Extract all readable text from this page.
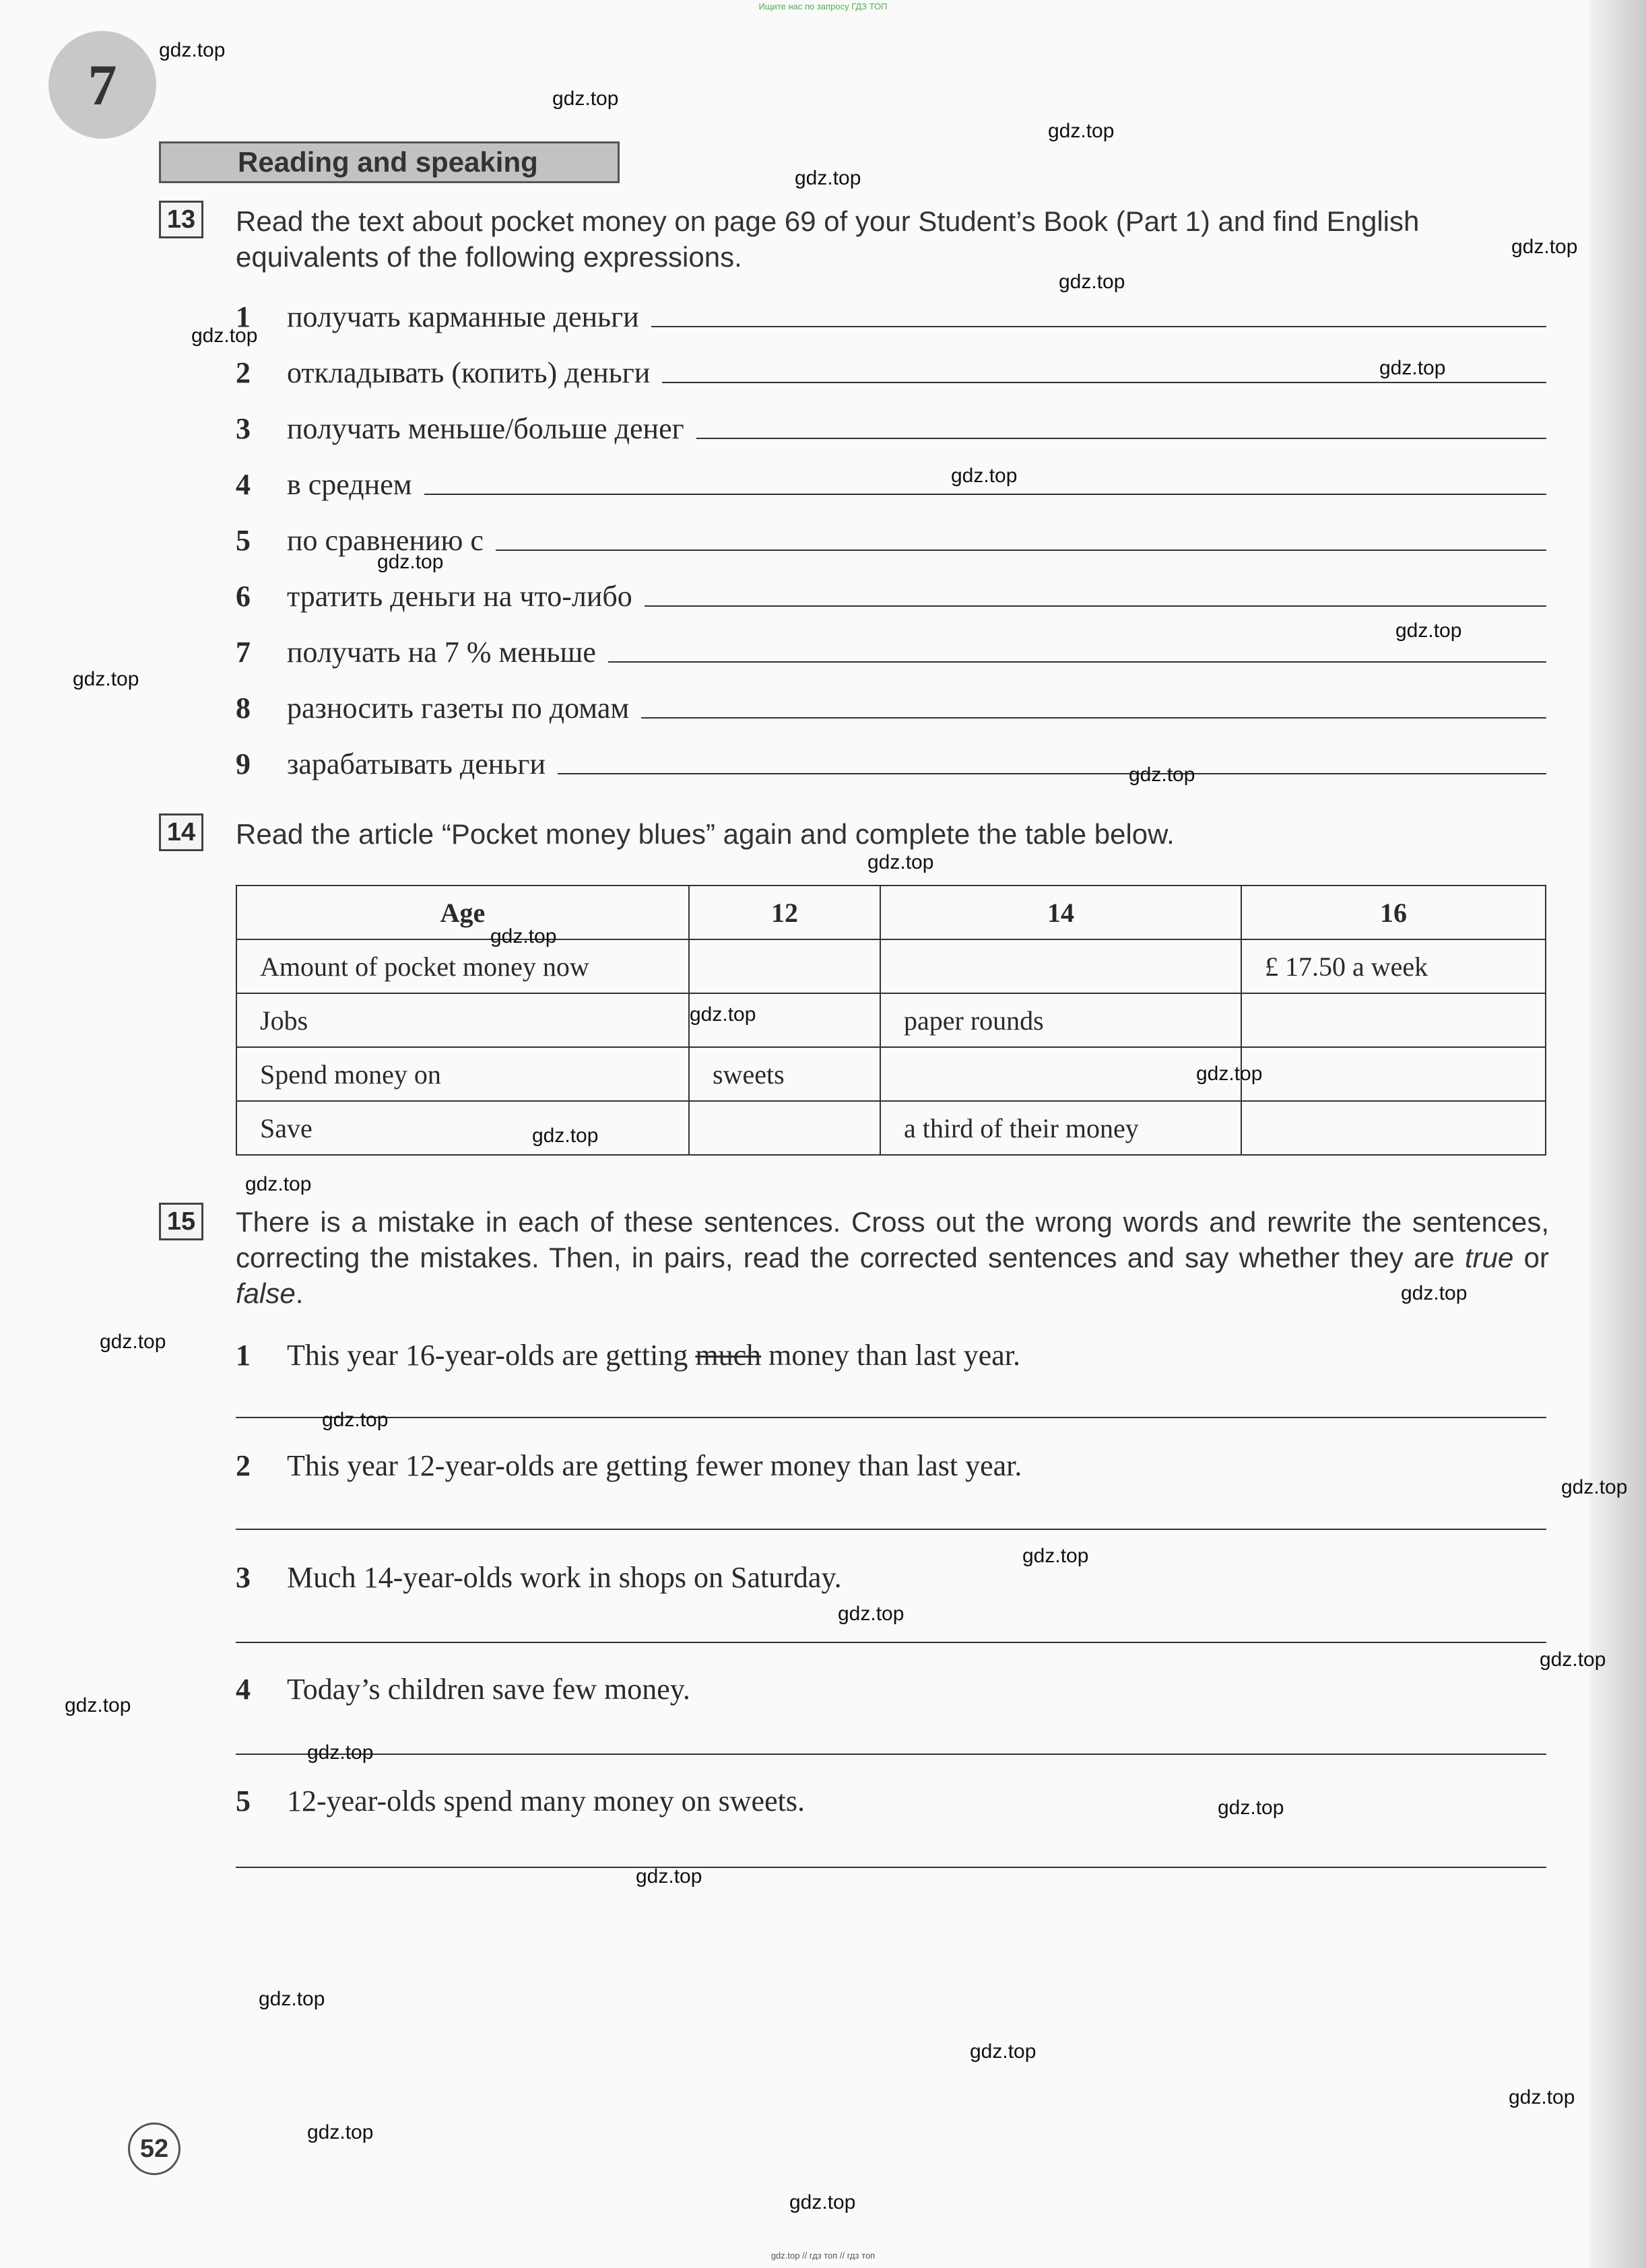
Ищите нас по запросу ГДЗ ТОП
7
Reading and speaking
13 Read the text about pocket money on page 69 of your Student’s Book (Part 1) and find English equivalents of the following expressions.
1	получать карманные деньги
2	откладывать (копить) деньги
3	получать меньше/больше денег
4	в среднем
5	по сравнению с
6	тратить деньги на что-либо
7	получать на 7 % меньше
8	разносить газеты по домам
9	зарабатывать деньги
14 Read the article “Pocket money blues” again and complete the table below.
Age	12	14	16
Amount of pocket money now			£ 17.50 a week
Jobs		paper rounds	
Spend money on	sweets		
Save		a third of their money	
15 There is a mistake in each of these sentences. Cross out the wrong words and rewrite the sentences, correcting the mistakes. Then, in pairs, read the corrected sentences and say whether they are true or false.
1	This year 16-year-olds are getting much money than last year.
2	This year 12-year-olds are getting fewer money than last year.
3	Much 14-year-olds work in shops on Saturday.
4	Today’s children save few money.
5	12-year-olds spend many money on sweets.
52
gdz.top
gdz.top
gdz.top
gdz.top
gdz.top
gdz.top
gdz.top
gdz.top
gdz.top
gdz.top
gdz.top
gdz.top
gdz.top
gdz.top
gdz.top
gdz.top
gdz.top
gdz.top
gdz.top
gdz.top
gdz.top
gdz.top
gdz.top
gdz.top
gdz.top
gdz.top
gdz.top
gdz.top
gdz.top
gdz.top
gdz.top
gdz.top
gdz.top
gdz.top
gdz.top
gdz.top // гдз топ // гдз топ
